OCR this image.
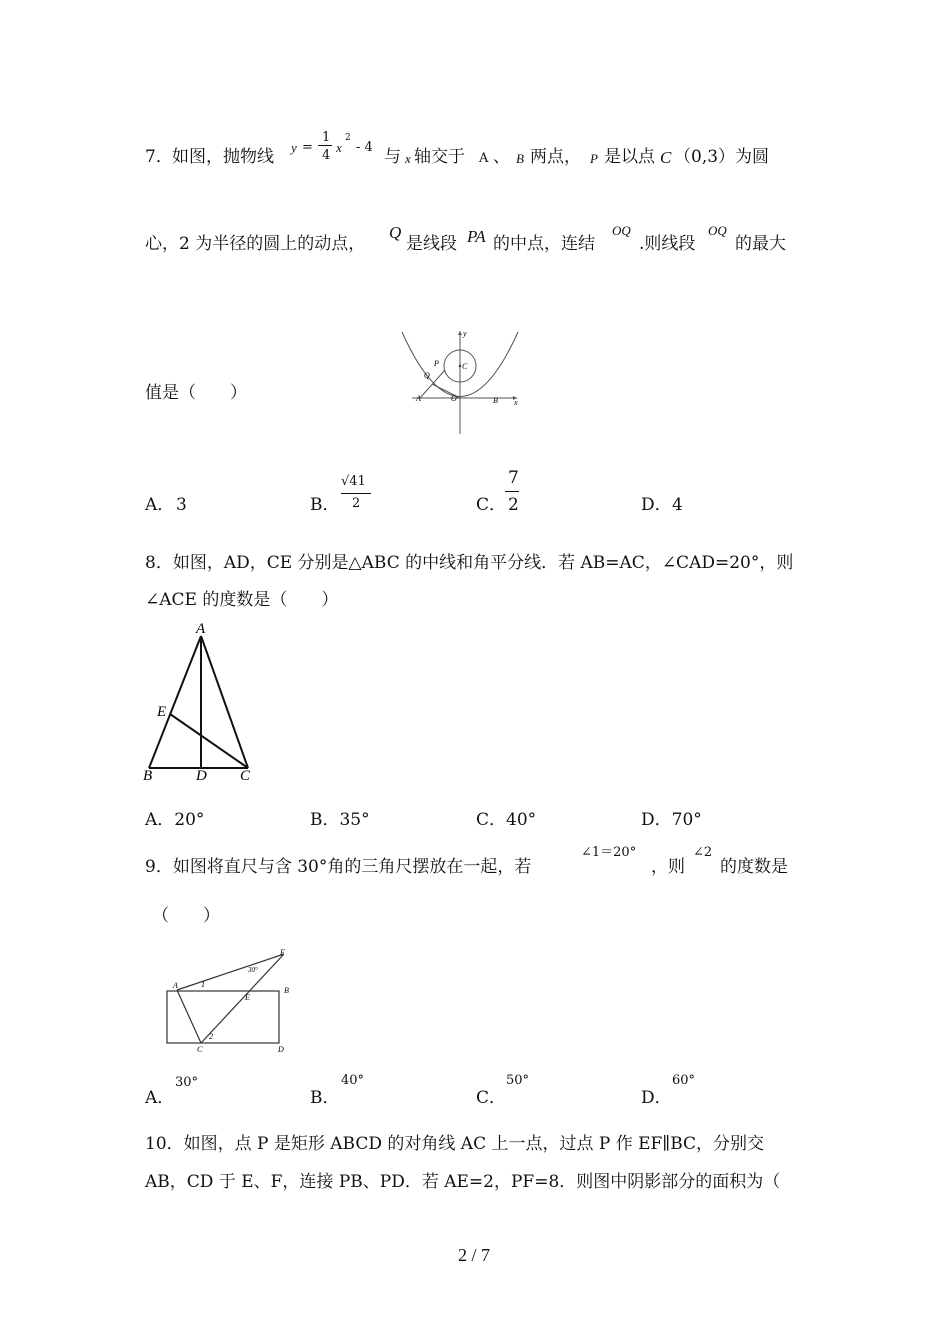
7． 如图，抛物线 y =
1
4
x
2
- 4 与 x 轴交于 A 、 B 两点， P 是以点 C （0,3）为圆
心，2 为半径的圆上的动点，
Q
是线段 PA 的中点，连结
OQ
.则线段
OQ
的最大
值是（　　）
y
x
P
Q
C
A	O	B
A． 3	B．
√41
2	C．
7
2	D． 4
8．如图，AD，CE 分别是△ABC 的中线和角平分线．若 AB=AC，∠CAD=20°，则
∠ACE 的度数是（　　）
A
E
B	D C
A．20°	B．35°	C．40°	D．70°
9．如图将直尺与含 30°角的三角尺摆放在一起，若
∠1＝20°
，则
∠2
的度数是
（　　）
F
A
B
E
C	D
1
2
30°
A．
30°
B．
40°
C．
50°
D．
60°
10．如图，点 P 是矩形 ABCD 的对角线 AC 上一点，过点 P 作 EF∥BC，分别交
AB，CD 于 E、F，连接 PB、PD．若 AE=2，PF=8．则图中阴影部分的面积为（
2 / 7
